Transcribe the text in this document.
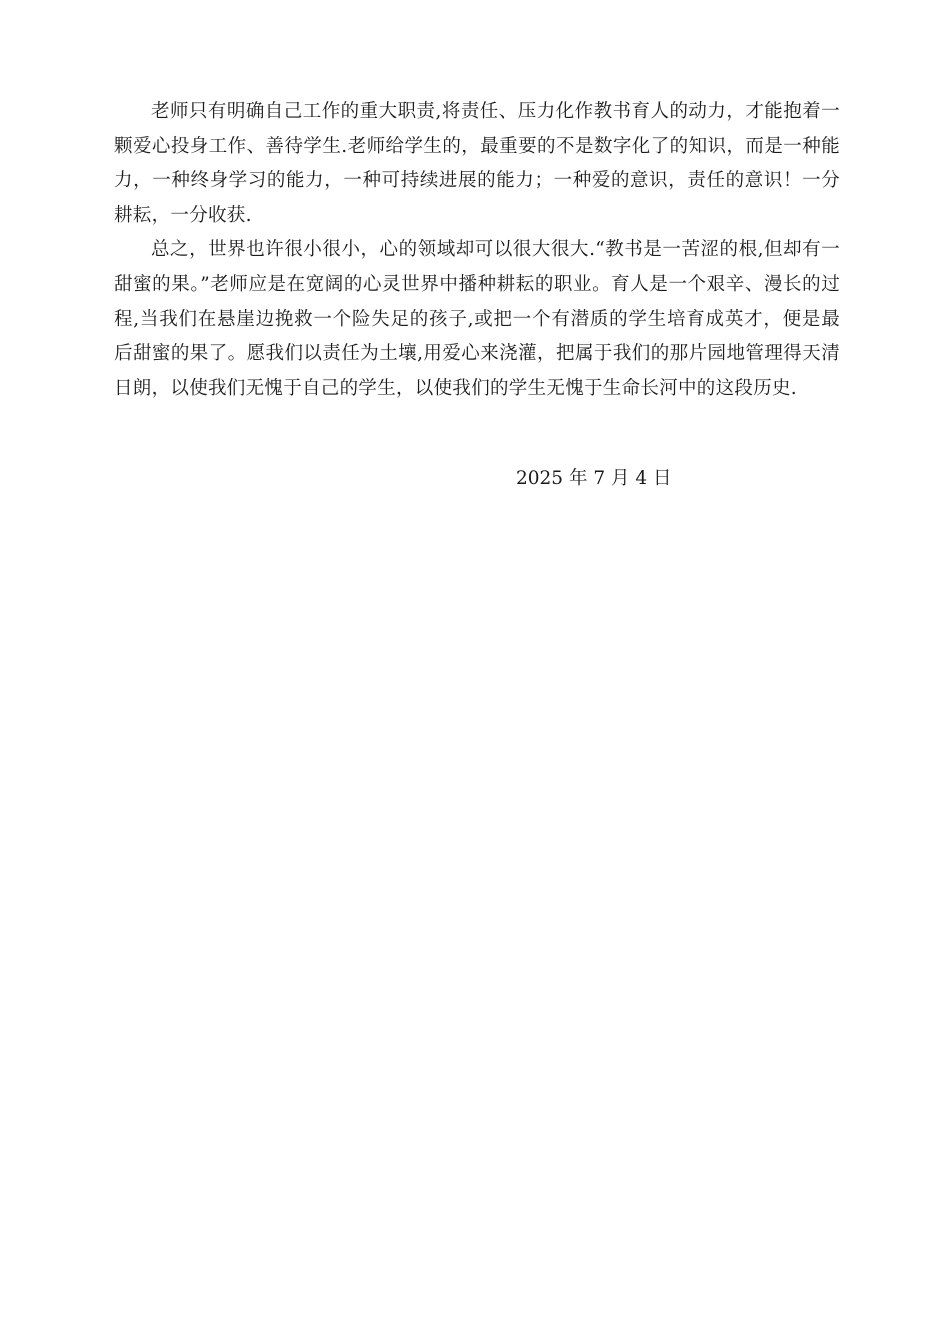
老师只有明确自己工作的重大职责,将责任、压力化作教书育人的动力，才能抱着一颗爱心投身工作、善待学生.老师给学生的，最重要的不是数字化了的知识，而是一种能力，一种终身学习的能力，一种可持续进展的能力；一种爱的意识，责任的意识！一分耕耘，一分收获.

总之，世界也许很小很小，心的领域却可以很大很大.“教书是一苦涩的根,但却有一甜蜜的果。”老师应是在宽阔的心灵世界中播种耕耘的职业。育人是一个艰辛、漫长的过程,当我们在悬崖边挽救一个险失足的孩子,或把一个有潜质的学生培育成英才，便是最后甜蜜的果了。愿我们以责任为土壤,用爱心来浇灌，把属于我们的那片园地管理得天清日朗，以使我们无愧于自己的学生，以使我们的学生无愧于生命长河中的这段历史.

2025 年 7 月 4 日
